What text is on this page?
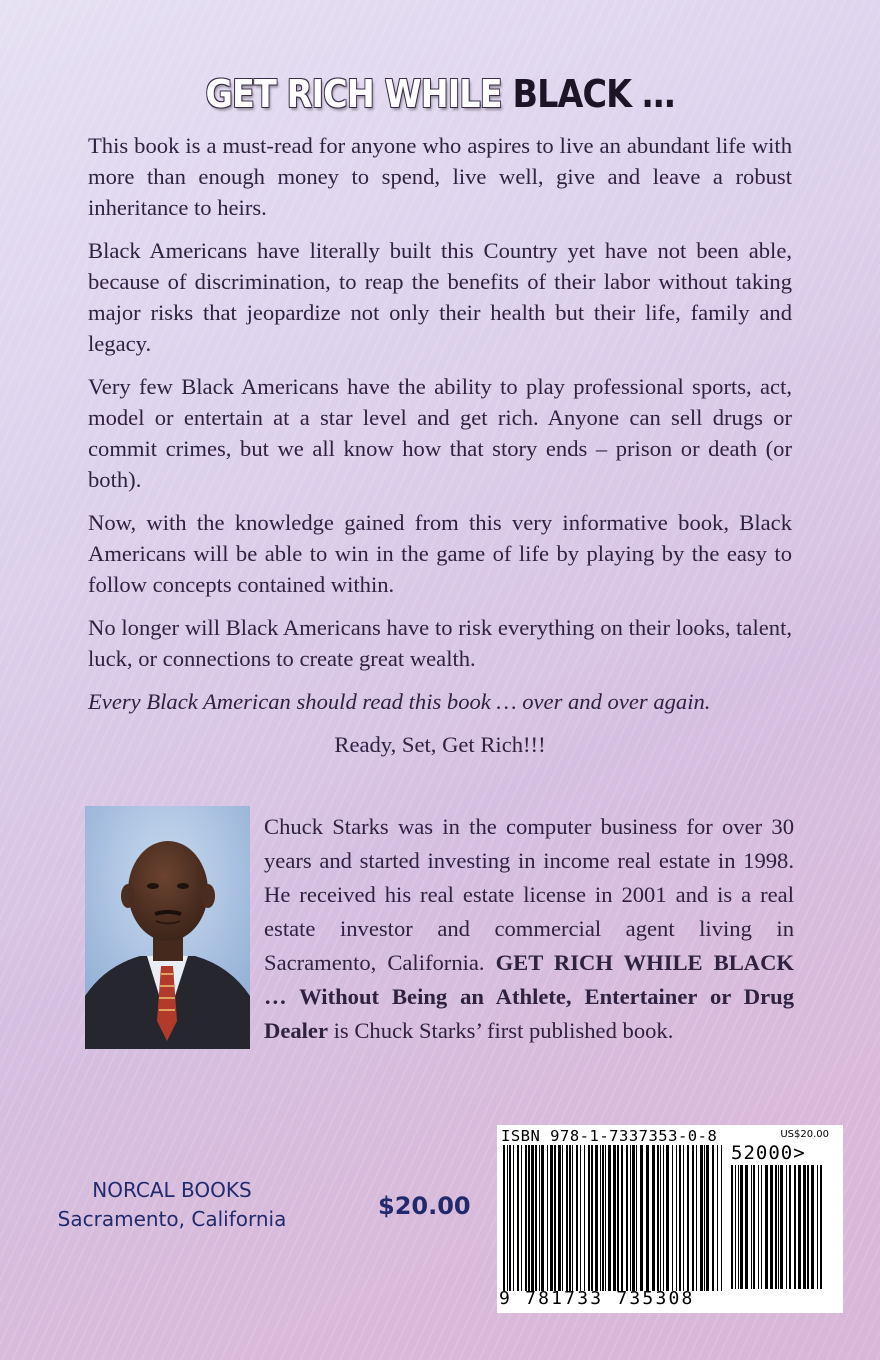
GET RICH WHILE BLACK …

This book is a must-read for anyone who aspires to live an abundant life with more than enough money to spend, live well, give and leave a robust inheritance to heirs.

Black Americans have literally built this Country yet have not been able, because of discrimination, to reap the benefits of their labor without taking major risks that jeopardize not only their health but their life, family and legacy.

Very few Black Americans have the ability to play professional sports, act, model or entertain at a star level and get rich. Anyone can sell drugs or commit crimes, but we all know how that story ends – prison or death (or both).

Now, with the knowledge gained from this very informative book, Black Americans will be able to win in the game of life by playing by the easy to follow concepts contained within.

No longer will Black Americans have to risk everything on their looks, talent, luck, or connections to create great wealth.

Every Black American should read this book … over and over again.

Ready, Set, Get Rich!!!

Chuck Starks was in the computer business for over 30 years and started investing in income real estate in 1998. He received his real estate license in 2001 and is a real estate investor and commercial agent living in Sacramento, California. GET RICH WHILE BLACK … Without Being an Athlete, Entertainer or Drug Dealer is Chuck Starks’ first published book.
NORCAL BOOKS
Sacramento, California	$20.00
ISBN 978-1-7337353-0-8	US$20.00
52000>
9 781733 735308
